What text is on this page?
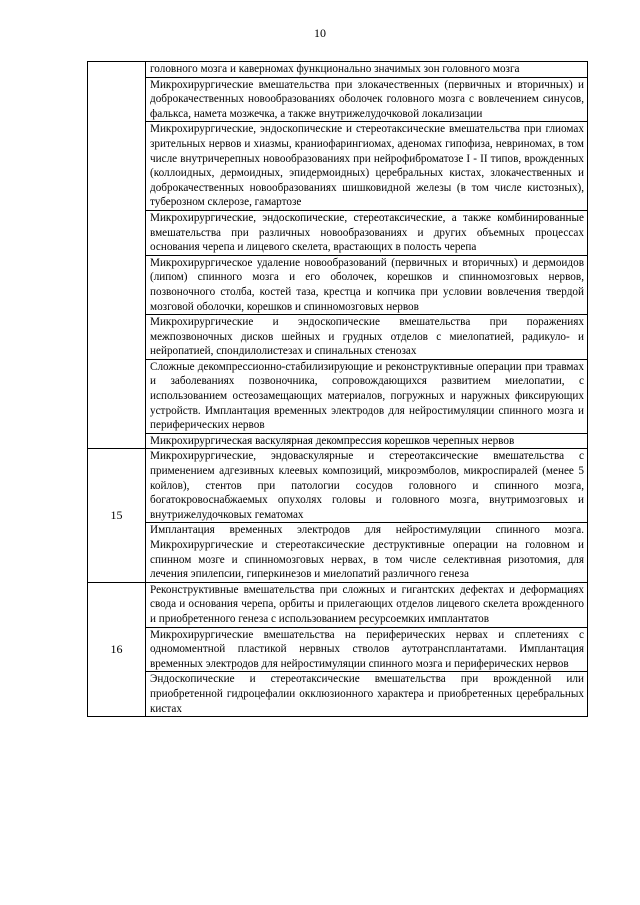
10
	головного мозга и каверномах функционально значимых зон головного мозга
	Микрохирургические вмешательства при злокачественных (первичных и вторичных) и доброкачественных новообразованиях оболочек головного мозга с вовлечением синусов, фалькса, намета мозжечка, а также внутрижелудочковой локализации
	Микрохирургические, эндоскопические и стереотаксические вмешательства при глиомах зрительных нервов и хиазмы, краниофарингиомах, аденомах гипофиза, невриномах, в том числе внутричерепных новообразованиях при нейрофиброматозе I - II типов, врожденных (коллоидных, дермоидных, эпидермоидных) церебральных кистах, злокачественных и доброкачественных новообразованиях шишковидной железы (в том числе кистозных), туберозном склерозе, гамартозе
	Микрохирургические, эндоскопические, стереотаксические, а также комбинированные вмешательства при различных новообразованиях и других объемных процессах основания черепа и лицевого скелета, врастающих в полость черепа
	Микрохирургическое удаление новообразований (первичных и вторичных) и дермоидов (липом) спинного мозга и его оболочек, корешков и спинномозговых нервов, позвоночного столба, костей таза, крестца и копчика при условии вовлечения твердой мозговой оболочки, корешков и спинномозговых нервов
	Микрохирургические и эндоскопические вмешательства при поражениях межпозвоночных дисков шейных и грудных отделов с миелопатией, радикуло- и нейропатией, спондилолистезах и спинальных стенозах
	Сложные декомпрессионно-стабилизирующие и реконструктивные операции при травмах и заболеваниях позвоночника, сопровождающихся развитием миелопатии, с использованием остеозамещающих материалов, погружных и наружных фиксирующих устройств. Имплантация временных электродов для нейростимуляции спинного мозга и периферических нервов
	Микрохирургическая васкулярная декомпрессия корешков черепных нервов
15	Микрохирургические, эндоваскулярные и стереотаксические вмешательства с применением адгезивных клеевых композиций, микроэмболов, микроспиралей (менее 5 койлов), стентов при патологии сосудов головного и спинного мозга, богатокровоснабжаемых опухолях головы и головного мозга, внутримозговых и внутрижелудочковых гематомах
	Имплантация временных электродов для нейростимуляции спинного мозга. Микрохирургические и стереотаксические деструктивные операции на головном и спинном мозге и спинномозговых нервах, в том числе селективная ризотомия, для лечения эпилепсии, гиперкинезов и миелопатий различного генеза
16	Реконструктивные вмешательства при сложных и гигантских дефектах и деформациях свода и основания черепа, орбиты и прилегающих отделов лицевого скелета врожденного и приобретенного генеза с использованием ресурсоемких имплантатов
	Микрохирургические вмешательства на периферических нервах и сплетениях с одномоментной пластикой нервных стволов аутотрансплантатами. Имплантация временных электродов для нейростимуляции спинного мозга и периферических нервов
	Эндоскопические и стереотаксические вмешательства при врожденной или приобретенной гидроцефалии окклюзионного характера и приобретенных церебральных кистах
